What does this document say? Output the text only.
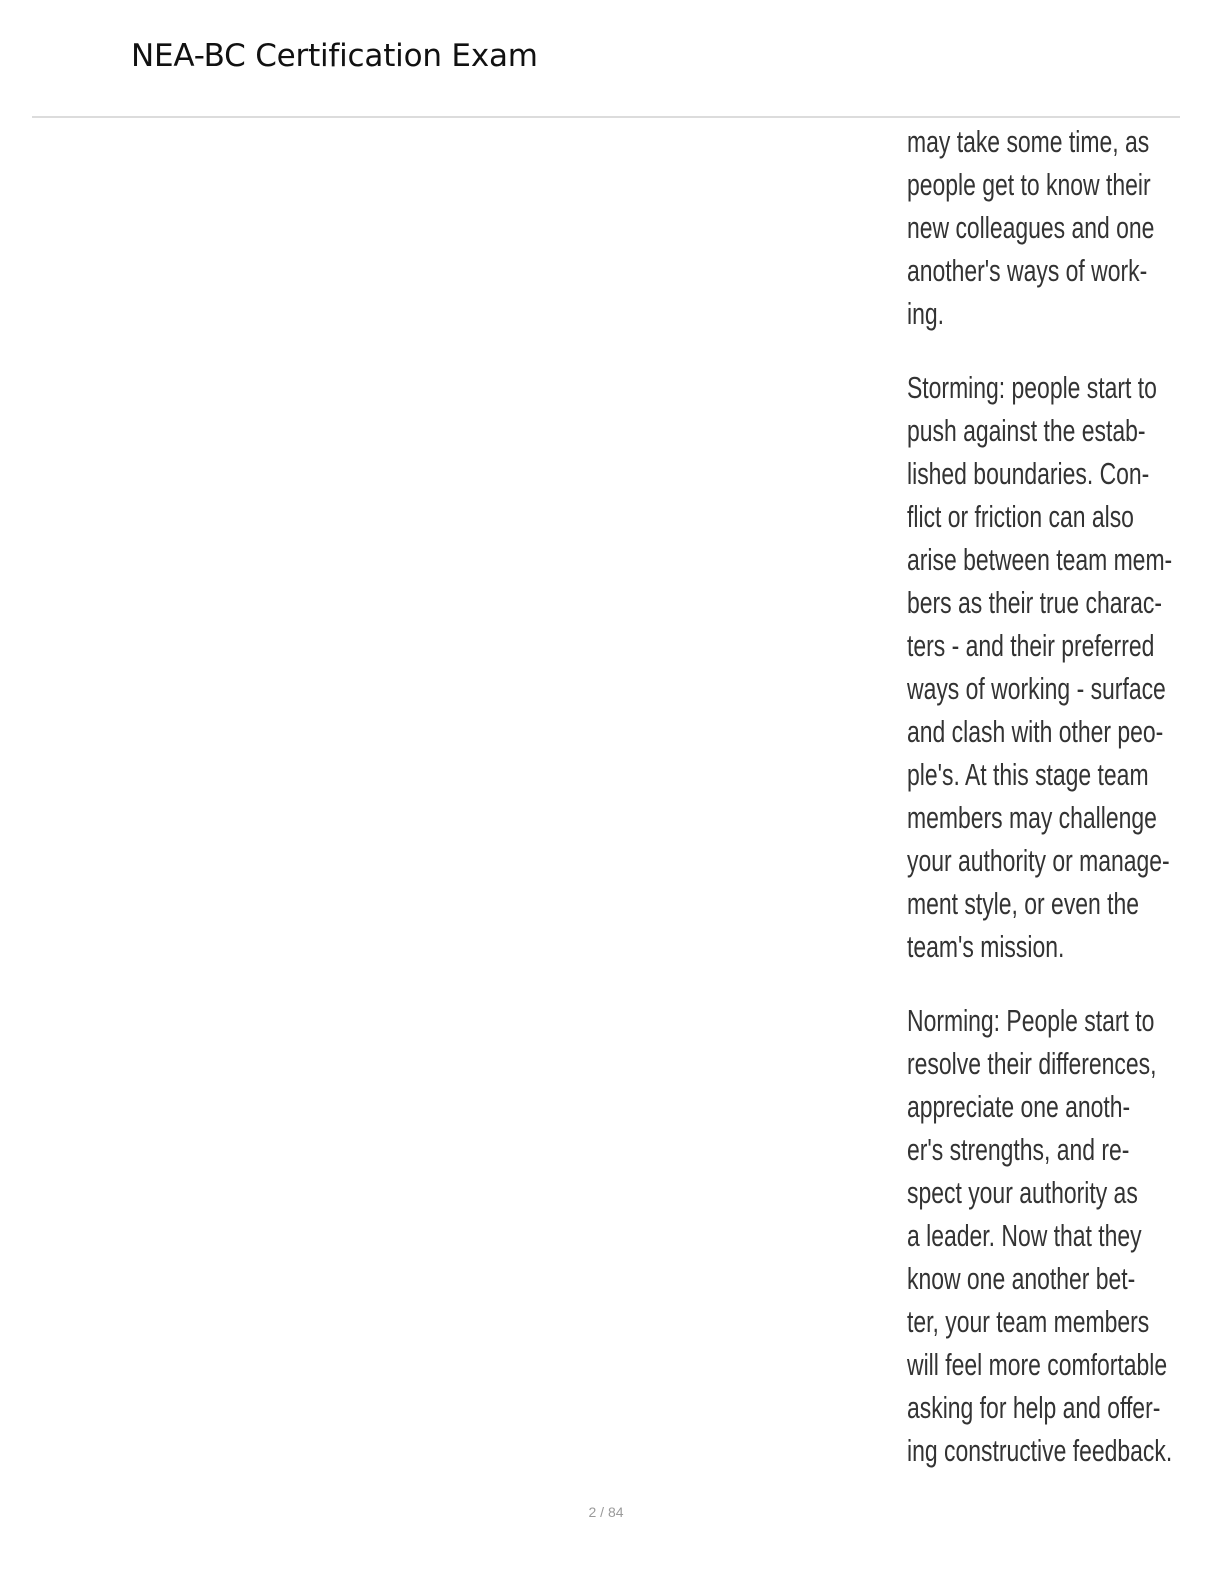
NEA-BC Certification Exam

may take some time, as
people get to know their
new colleagues and one
another's ways of work-
ing.

Storming: people start to
push against the estab-
lished boundaries. Con-
flict or friction can also
arise between team mem-
bers as their true charac-
ters - and their preferred
ways of working - surface
and clash with other peo-
ple's. At this stage team
members may challenge
your authority or manage-
ment style, or even the
team's mission.

Norming: People start to
resolve their differences,
appreciate one anoth-
er's strengths, and re-
spect your authority as
a leader. Now that they
know one another bet-
ter, your team members
will feel more comfortable
asking for help and offer-
ing constructive feedback.

2 / 84
